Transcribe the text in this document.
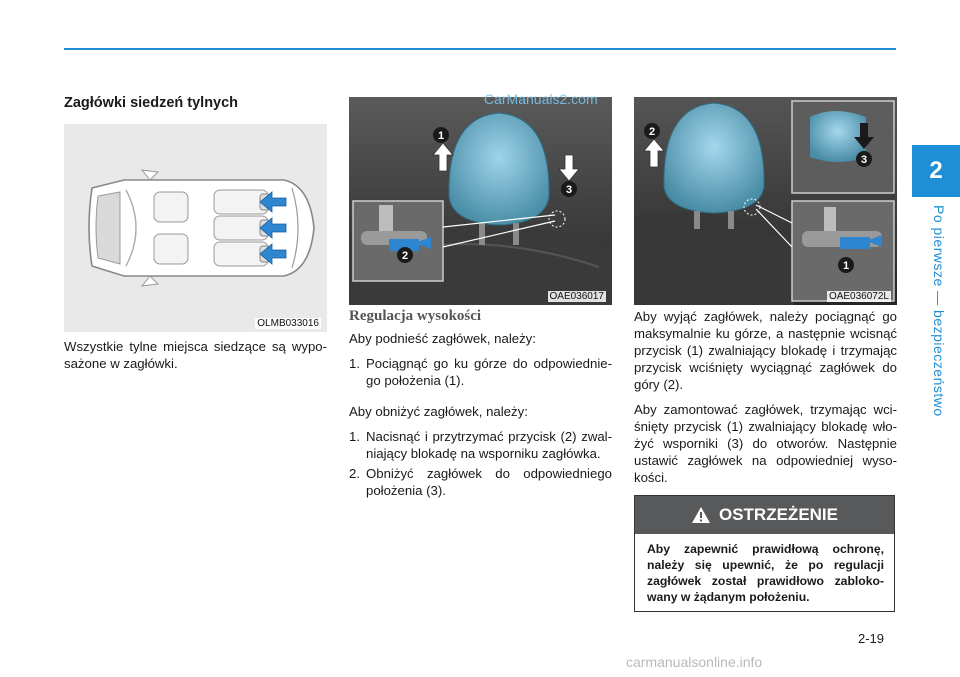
2
Po pierwsze — bezpieczeństwo
Zagłówki siedzeń tylnych
OLMB033016

Wszystkie tylne miejsca siedzące są wypo-sażone w zagłówki.

1
2
3
OAE036017
Regulacja wysokości

Aby podnieść zagłówek, należy:

1. Pociągnąć go ku górze do odpowiednie-go położenia (1).

Aby obniżyć zagłówek, należy:

1. Nacisnąć i przytrzymać przycisk (2) zwal-niający blokadę na wsporniku zagłówka.
2. Obniżyć zagłówek do odpowiedniego położenia (3).
2
1
3
OAE036072L

Aby wyjąć zagłówek, należy pociągnąć go maksymalnie ku górze, a następnie wcisnąć przycisk (1) zwalniający blokadę i trzymając przycisk wciśnięty wyciągnąć zagłówek do góry (2).

Aby zamontować zagłówek, trzymając wci-śnięty przycisk (1) zwalniający blokadę wło-żyć wsporniki (3) do otworów. Następnie ustawić zagłówek na odpowiedniej wyso-kości.

OSTRZEŻENIE
Aby zapewnić prawidłową ochronę, należy się upewnić, że po regulacji zagłówek został prawidłowo zabloko-wany w żądanym położeniu.
2-19
CarManuals2.com
carmanualsonline.info
